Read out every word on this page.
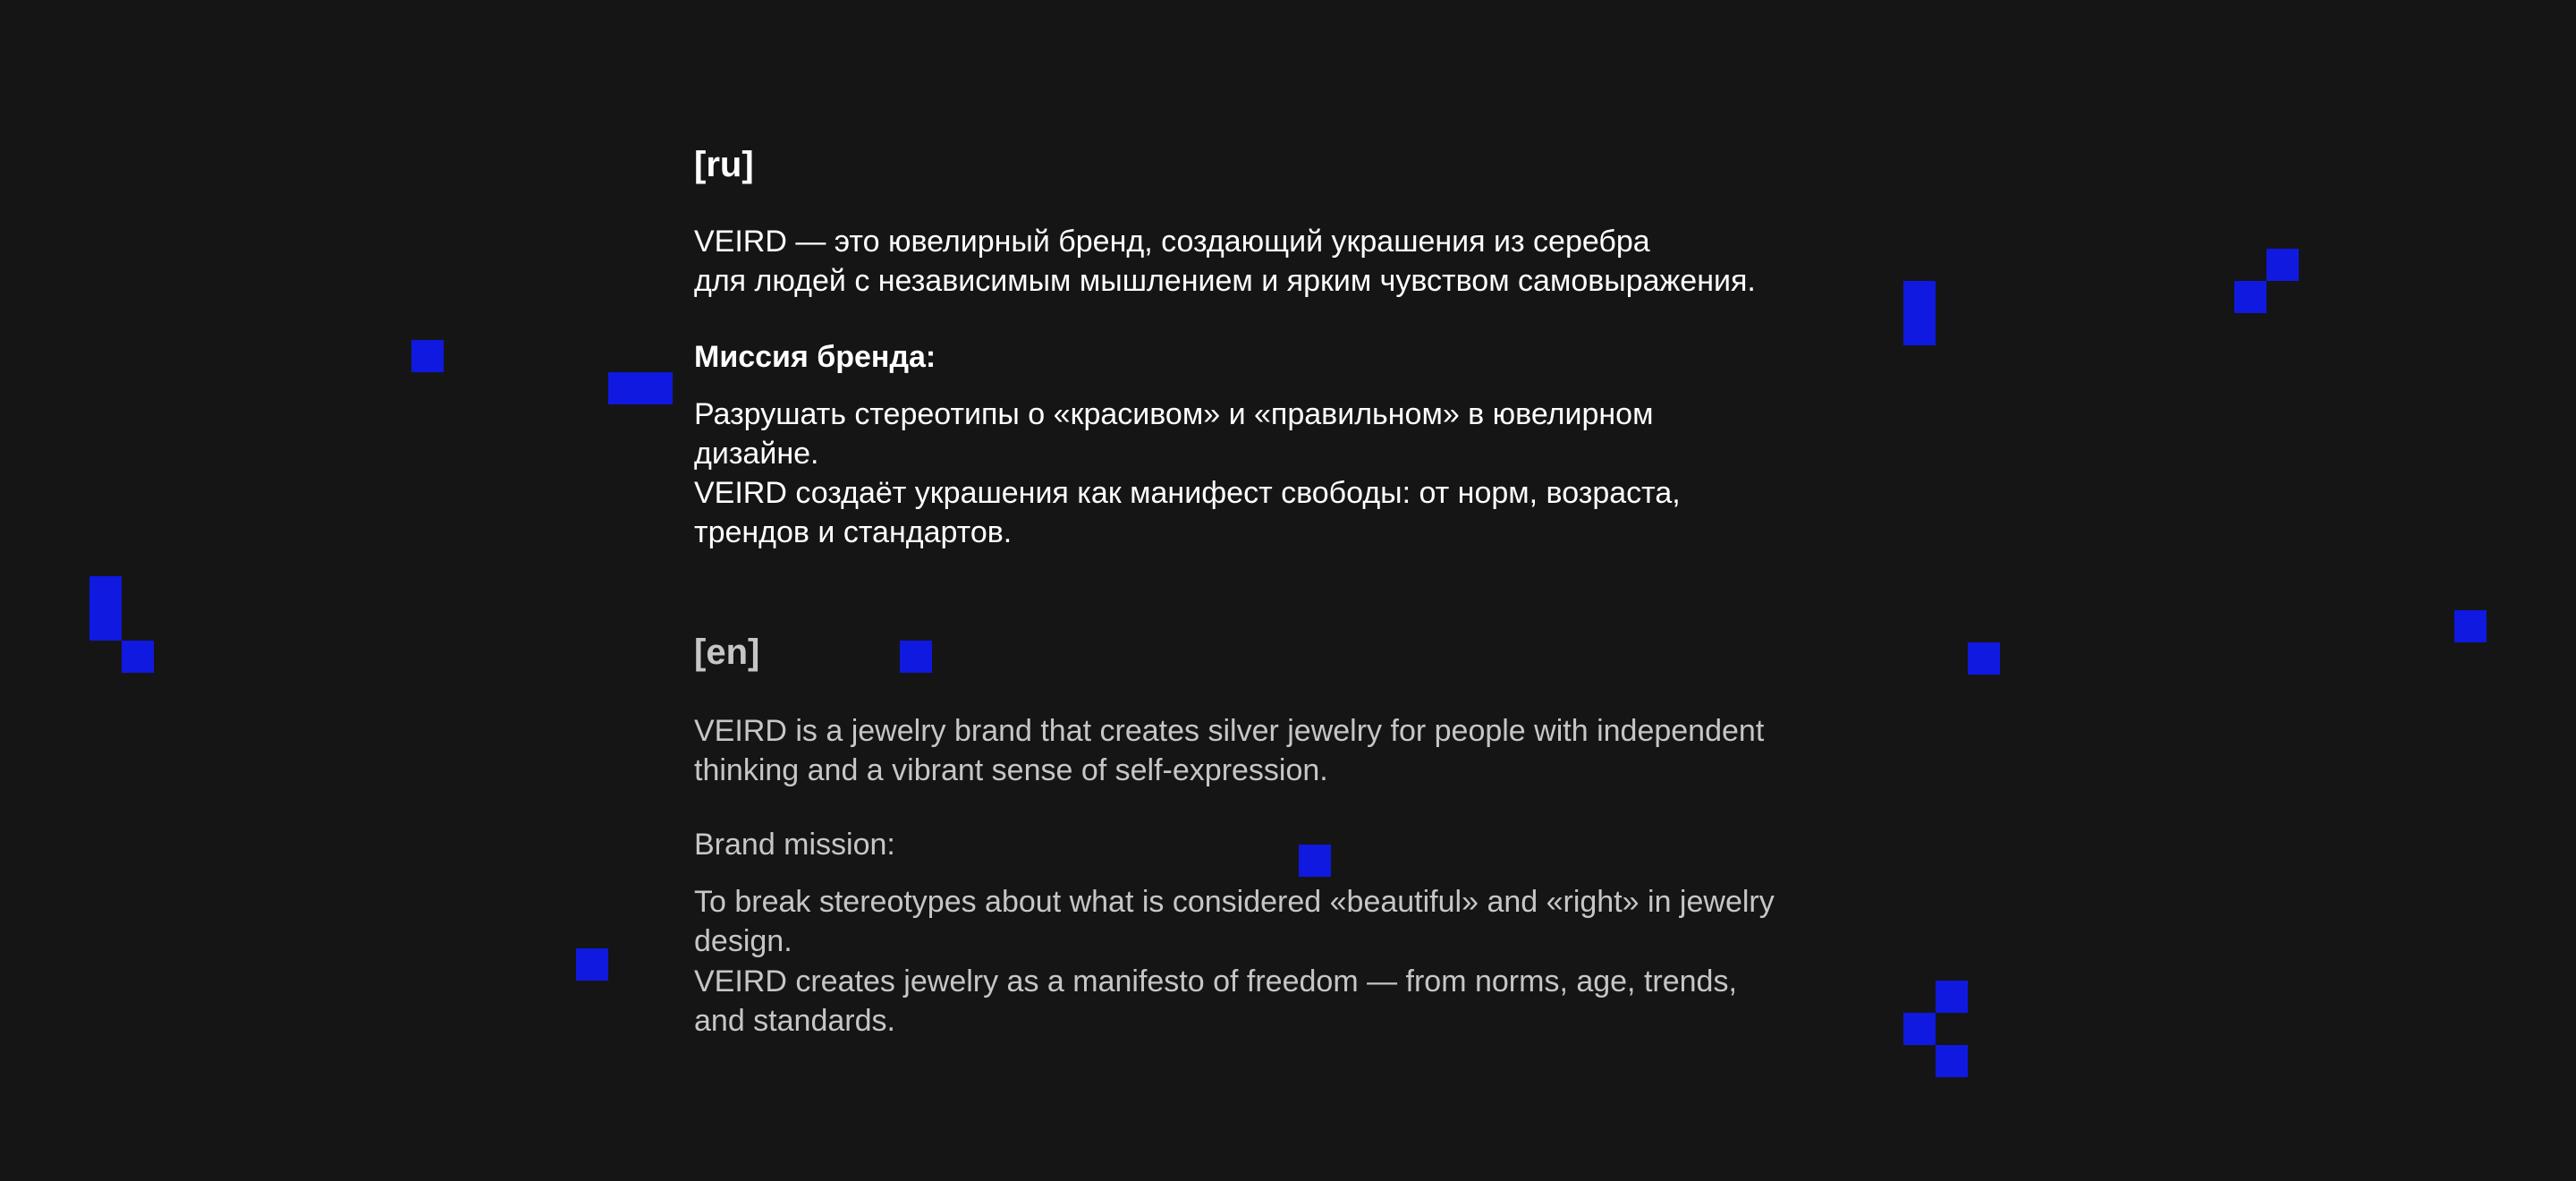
[ru]
VEIRD — это ювелирный бренд, создающий украшения из серебра
для людей с независимым мышлением и ярким чувством самовыражения.
Миссия бренда:
Разрушать стереотипы о «красивом» и «правильном» в ювелирном
дизайне.
VEIRD создаёт украшения как манифест свободы: от норм, возраста,
трендов и стандартов.
[en]
VEIRD is a jewelry brand that creates silver jewelry for people with independent
thinking and a vibrant sense of self-expression.
Brand mission:
To break stereotypes about what is considered «beautiful» and «right» in jewelry
design.
VEIRD creates jewelry as a manifesto of freedom — from norms, age, trends,
and standards.
